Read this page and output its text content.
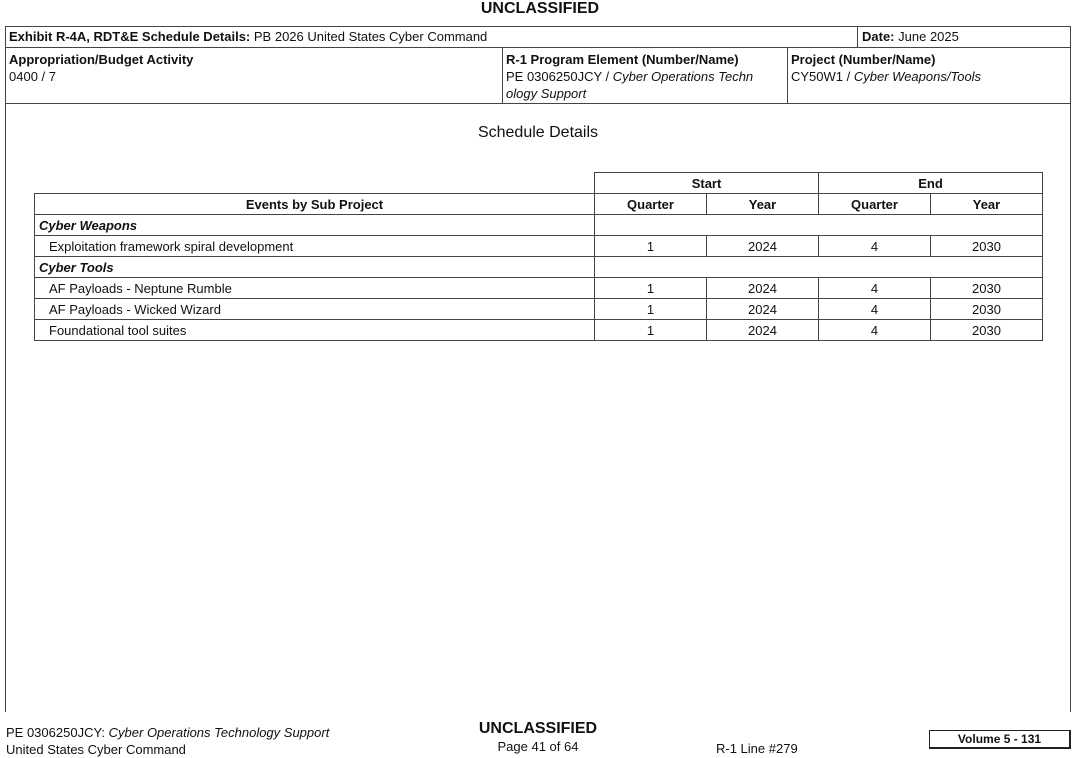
UNCLASSIFIED
Exhibit R-4A, RDT&E Schedule Details: PB 2026 United States Cyber Command	Date: June 2025
Appropriation/Budget Activity
0400 / 7
R-1 Program Element (Number/Name)
PE 0306250JCY / Cyber Operations Techn
ology Support
Project (Number/Name)
CY50W1 / Cyber Weapons/Tools
Schedule Details
	Start		End	
Events by Sub Project	Quarter	Year	Quarter	Year
Cyber Weapons				
Exploitation framework spiral development	1	2024	4	2030
Cyber Tools				
AF Payloads - Neptune Rumble	1	2024	4	2030
AF Payloads - Wicked Wizard	1	2024	4	2030
Foundational tool suites	1	2024	4	2030
PE 0306250JCY: Cyber Operations Technology Support
United States Cyber Command
UNCLASSIFIED
Page 41 of 64	R-1 Line #279
Volume 5 - 131
